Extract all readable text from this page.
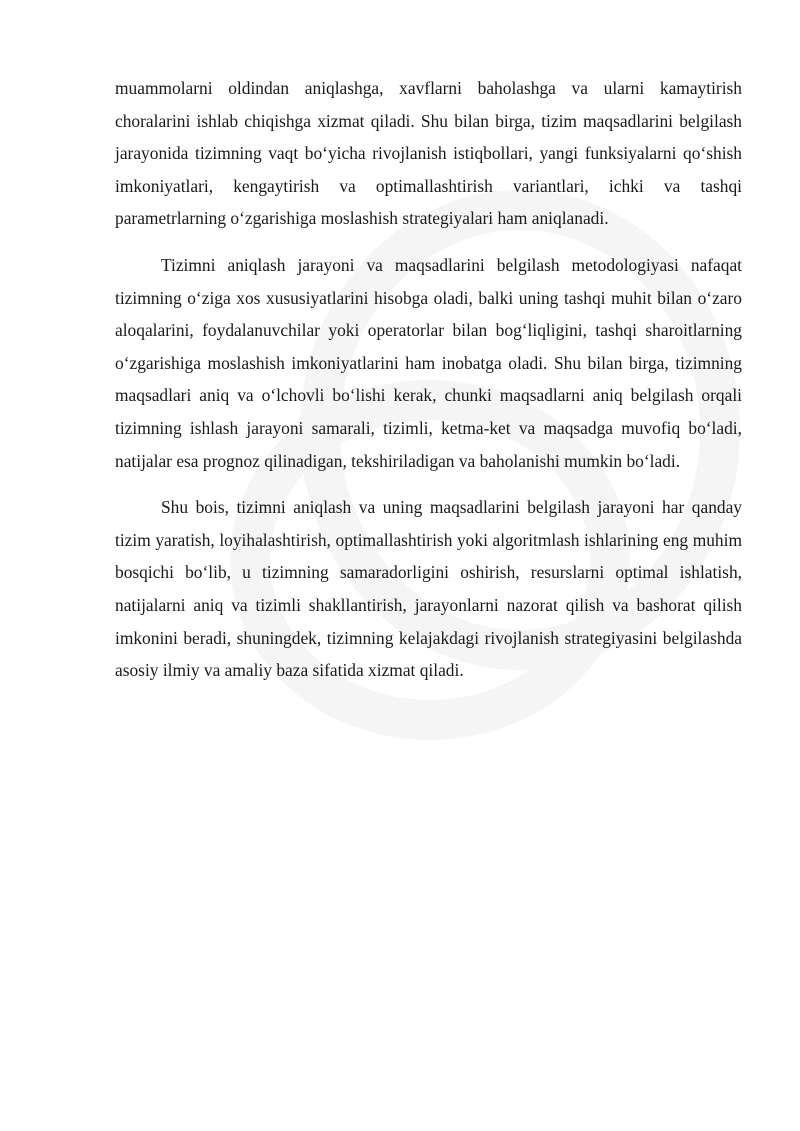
muammolarni oldindan aniqlashga, xavflarni baholashga va ularni kamaytirish choralarini ishlab chiqishga xizmat qiladi. Shu bilan birga, tizim maqsadlarini belgilash jarayonida tizimning vaqt bo‘yicha rivojlanish istiqbollari, yangi funksiyalarni qo‘shish imkoniyatlari, kengaytirish va optimallashtirish variantlari, ichki va tashqi parametrlarning o‘zgarishiga moslashish strategiyalari ham aniqlanadi.

Tizimni aniqlash jarayoni va maqsadlarini belgilash metodologiyasi nafaqat tizimning o‘ziga xos xususiyatlarini hisobga oladi, balki uning tashqi muhit bilan o‘zaro aloqalarini, foydalanuvchilar yoki operatorlar bilan bog‘liqligini, tashqi sharoitlarning o‘zgarishiga moslashish imkoniyatlarini ham inobatga oladi. Shu bilan birga, tizimning maqsadlari aniq va o‘lchovli bo‘lishi kerak, chunki maqsadlarni aniq belgilash orqali tizimning ishlash jarayoni samarali, tizimli, ketma-ket va maqsadga muvofiq bo‘ladi, natijalar esa prognoz qilinadigan, tekshiriladigan va baholanishi mumkin bo‘ladi.

Shu bois, tizimni aniqlash va uning maqsadlarini belgilash jarayoni har qanday tizim yaratish, loyihalashtirish, optimallashtirish yoki algoritmlash ishlarining eng muhim bosqichi bo‘lib, u tizimning samaradorligini oshirish, resurslarni optimal ishlatish, natijalarni aniq va tizimli shakllantirish, jarayonlarni nazorat qilish va bashorat qilish imkonini beradi, shuningdek, tizimning kelajakdagi rivojlanish strategiyasini belgilashda asosiy ilmiy va amaliy baza sifatida xizmat qiladi.
